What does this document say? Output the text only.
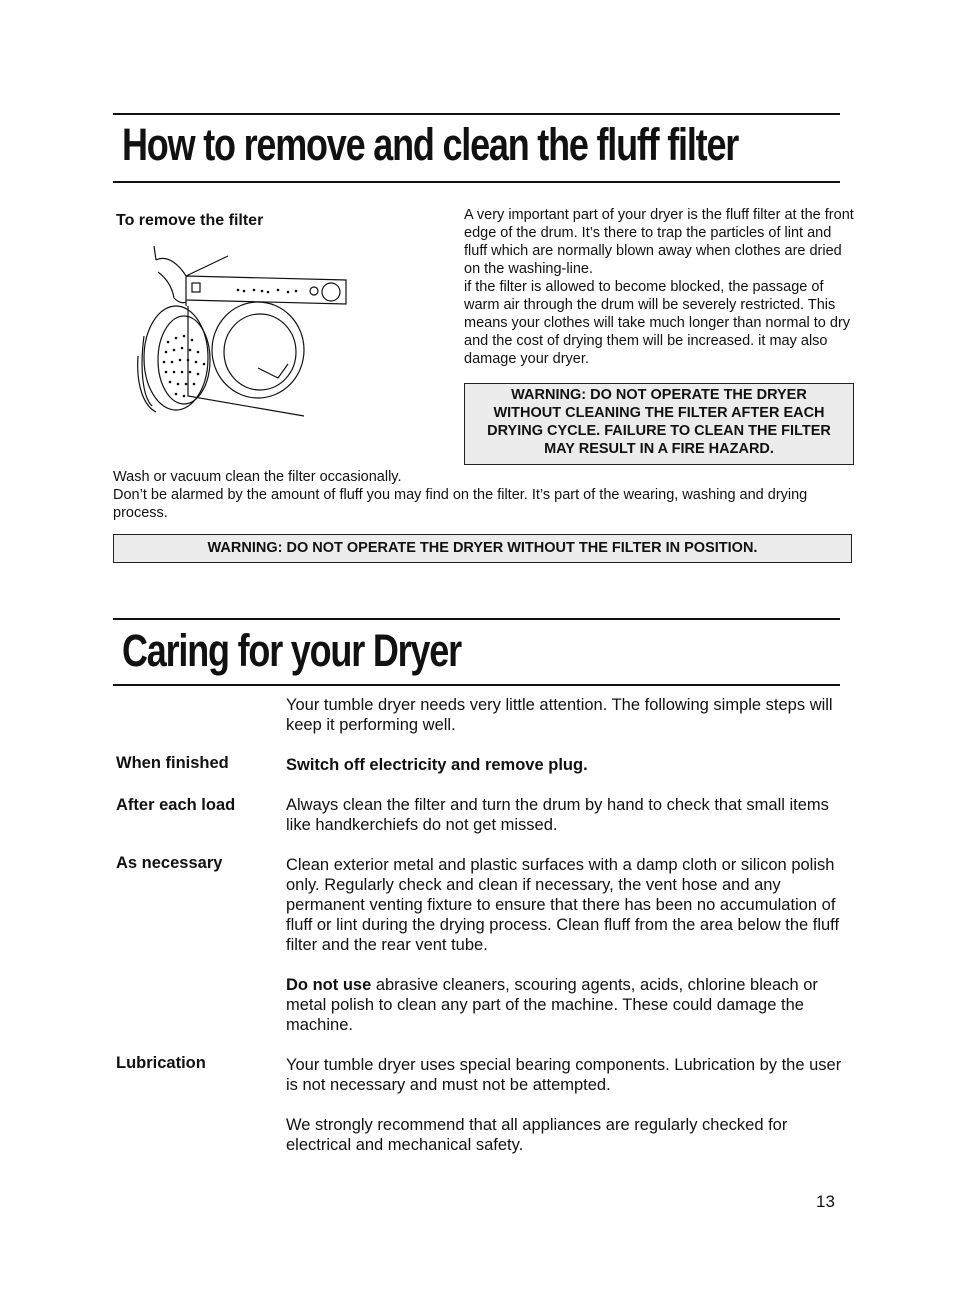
How to remove and clean the fluff filter
To remove the filter	A very important part of your dryer is the fluff filter at the front edge of the drum. It’s there to trap the particles of lint and fluff which are normally blown away when clothes are dried on the washing-line.
if the filter is allowed to become blocked, the passage of warm air through the drum will be severely restricted. This means your clothes will take much longer than normal to dry and the cost of drying them will be increased. it may also damage your dryer.

WARNING: DO NOT OPERATE THE DRYER WITHOUT CLEANING THE FILTER AFTER EACH DRYING CYCLE. FAILURE TO CLEAN THE FILTER MAY RESULT IN A FIRE HAZARD.

Wash or vacuum clean the filter occasionally.
Don’t be alarmed by the amount of fluff you may find on the filter. It’s part of the wearing, washing and drying process.

WARNING: DO NOT OPERATE THE DRYER WITHOUT THE FILTER IN POSITION.
Caring for your Dryer

Your tumble dryer needs very little attention. The following simple steps will keep it performing well.

When finished	Switch off electricity and remove plug.

After each load	Always clean the filter and turn the drum by hand to check that small items like handkerchiefs do not get missed.

As necessary	Clean exterior metal and plastic surfaces with a damp cloth or silicon polish only. Regularly check and clean if necessary, the vent hose and any permanent venting fixture to ensure that there has been no accumulation of fluff or lint during the drying process. Clean fluff from the area below the fluff filter and the rear vent tube.

Do not use abrasive cleaners, scouring agents, acids, chlorine bleach or metal polish to clean any part of the machine. These could damage the machine.

Lubrication	Your tumble dryer uses special bearing components. Lubrication by the user is not necessary and must not be attempted.

We strongly recommend that all appliances are regularly checked for electrical and mechanical safety.

13
